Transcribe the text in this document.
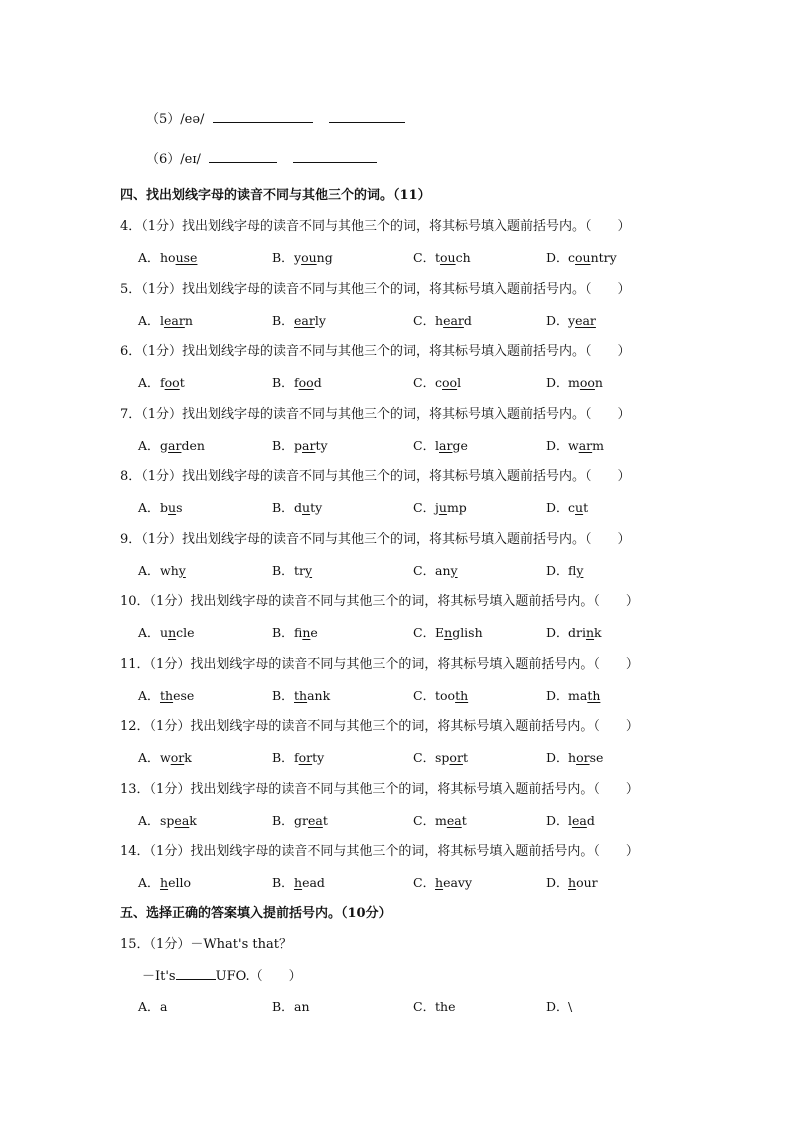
（5）/eə/
（6）/eɪ/
四、找出划线字母的读音不同与其他三个的词。（11）
4．（1分）找出划线字母的读音不同与其他三个的词，将其标号填入题前括号内。（　　）
A．house	B．young	C．touch	D．country
5．（1分）找出划线字母的读音不同与其他三个的词，将其标号填入题前括号内。（　　）
A．learn	B．early	C．heard	D．year
6．（1分）找出划线字母的读音不同与其他三个的词，将其标号填入题前括号内。（　　）
A．foot	B．food	C．cool	D．moon
7．（1分）找出划线字母的读音不同与其他三个的词，将其标号填入题前括号内。（　　）
A．garden	B．party	C．large	D．warm
8．（1分）找出划线字母的读音不同与其他三个的词，将其标号填入题前括号内。（　　）
A．bus	B．duty	C．jump	D．cut
9．（1分）找出划线字母的读音不同与其他三个的词，将其标号填入题前括号内。（　　）
A．why	B．try	C．any	D．fly
10．（1分）找出划线字母的读音不同与其他三个的词，将其标号填入题前括号内。（　　）
A．uncle	B．fine	C．English	D．drink
11．（1分）找出划线字母的读音不同与其他三个的词，将其标号填入题前括号内。（　　）
A．these	B．thank	C．tooth	D．math
12．（1分）找出划线字母的读音不同与其他三个的词，将其标号填入题前括号内。（　　）
A．work	B．forty	C．sport	D．horse
13．（1分）找出划线字母的读音不同与其他三个的词，将其标号填入题前括号内。（　　）
A．speak	B．great	C．meat	D．lead
14．（1分）找出划线字母的读音不同与其他三个的词，将其标号填入题前括号内。（　　）
A．hello	B．head	C．heavy	D．hour
五、选择正确的答案填入提前括号内。（10分）
15．（1分）－What's that？
－It's	UFO.（　　）
A．a	B．an	C．the	D．\
